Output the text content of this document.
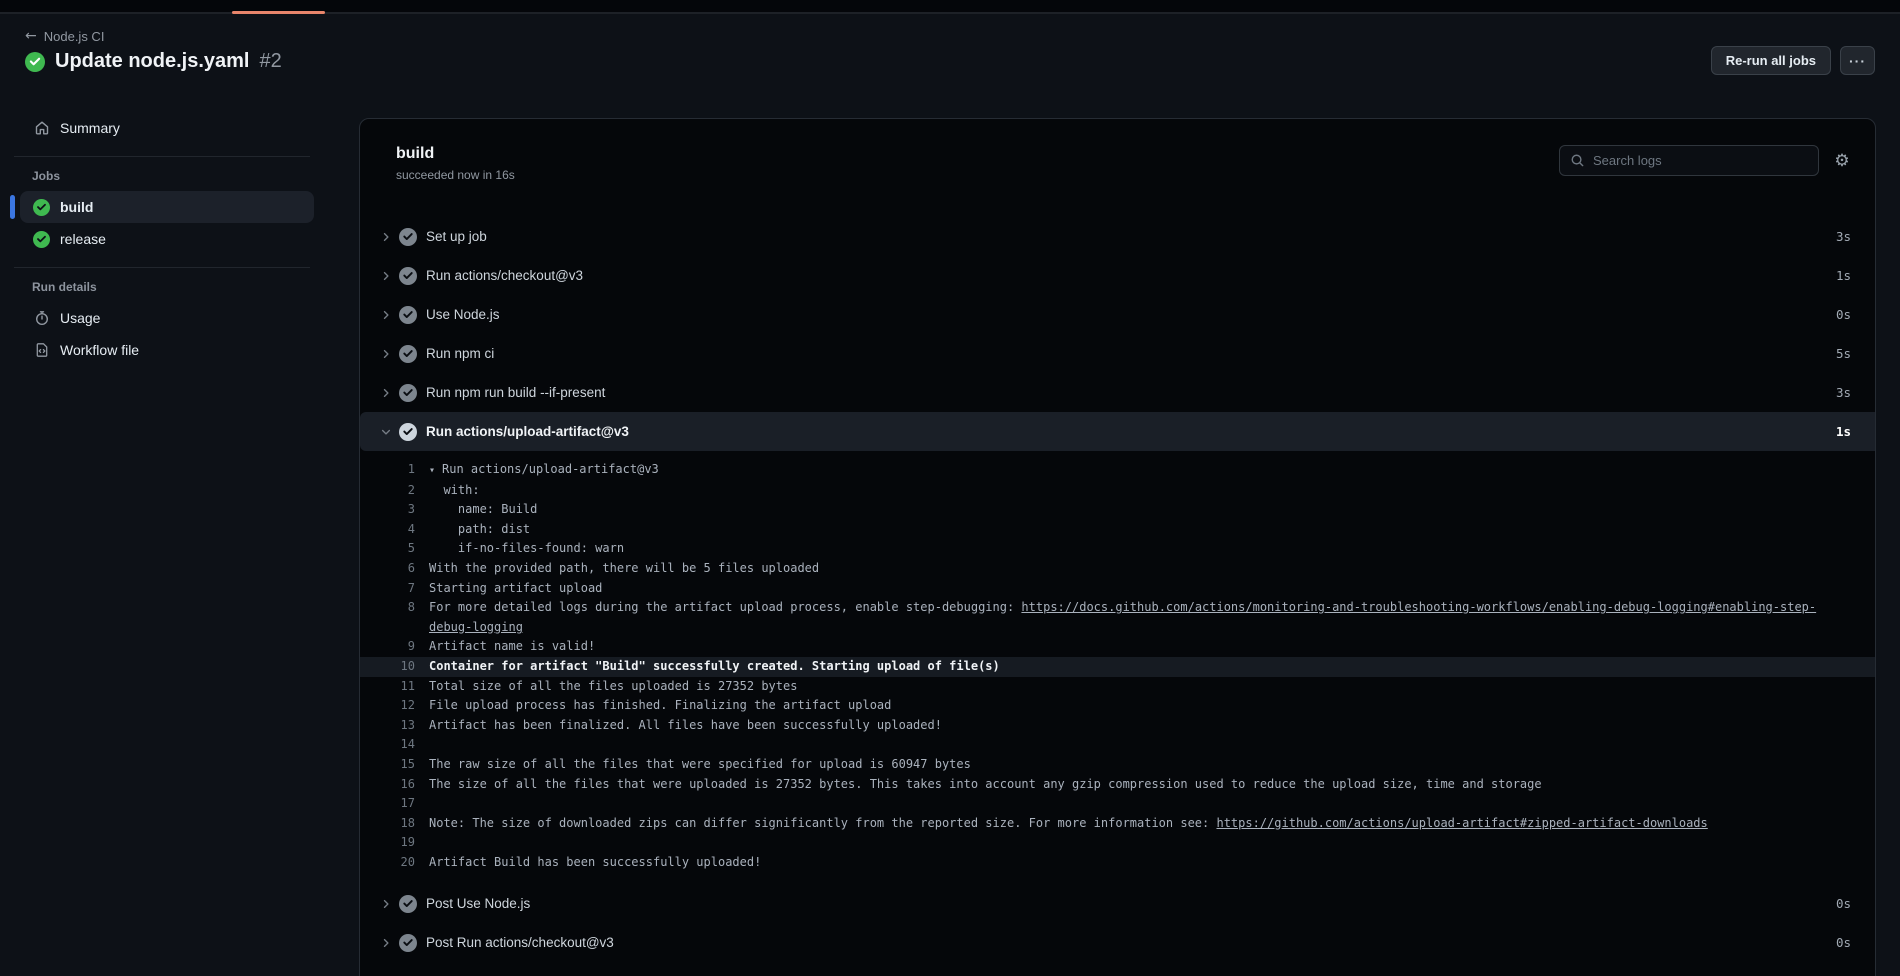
← Node.js CI
Update node.js.yaml #2	Re-run all jobs	···
Summary
Jobs
build
release
Run details
Usage
Workflow file
build
succeeded now in 16s
Search logs
⚙
Set up job	3s
Run actions/checkout@v3	1s
Use Node.js	0s
Run npm ci	5s
Run npm run build --if-present	3s
Run actions/upload-artifact@v3	1s
1 ▾ Run actions/upload-artifact@v3
2 with:
3 name: Build
4 path: dist
5 if-no-files-found: warn
6 With the provided path, there will be 5 files uploaded
7 Starting artifact upload
8 For more detailed logs during the artifact upload process, enable step-debugging: https://docs.github.com/actions/monitoring-and-troubleshooting-workflows/enabling-debug-logging#enabling-step-debug-logging
9 Artifact name is valid!
10 Container for artifact "Build" successfully created. Starting upload of file(s)
11 Total size of all the files uploaded is 27352 bytes
12 File upload process has finished. Finalizing the artifact upload
13 Artifact has been finalized. All files have been successfully uploaded!
14
15 The raw size of all the files that were specified for upload is 60947 bytes
16 The size of all the files that were uploaded is 27352 bytes. This takes into account any gzip compression used to reduce the upload size, time and storage
17
18 Note: The size of downloaded zips can differ significantly from the reported size. For more information see: https://github.com/actions/upload-artifact#zipped-artifact-downloads
19
20 Artifact Build has been successfully uploaded!
Post Use Node.js	0s
Post Run actions/checkout@v3	0s
